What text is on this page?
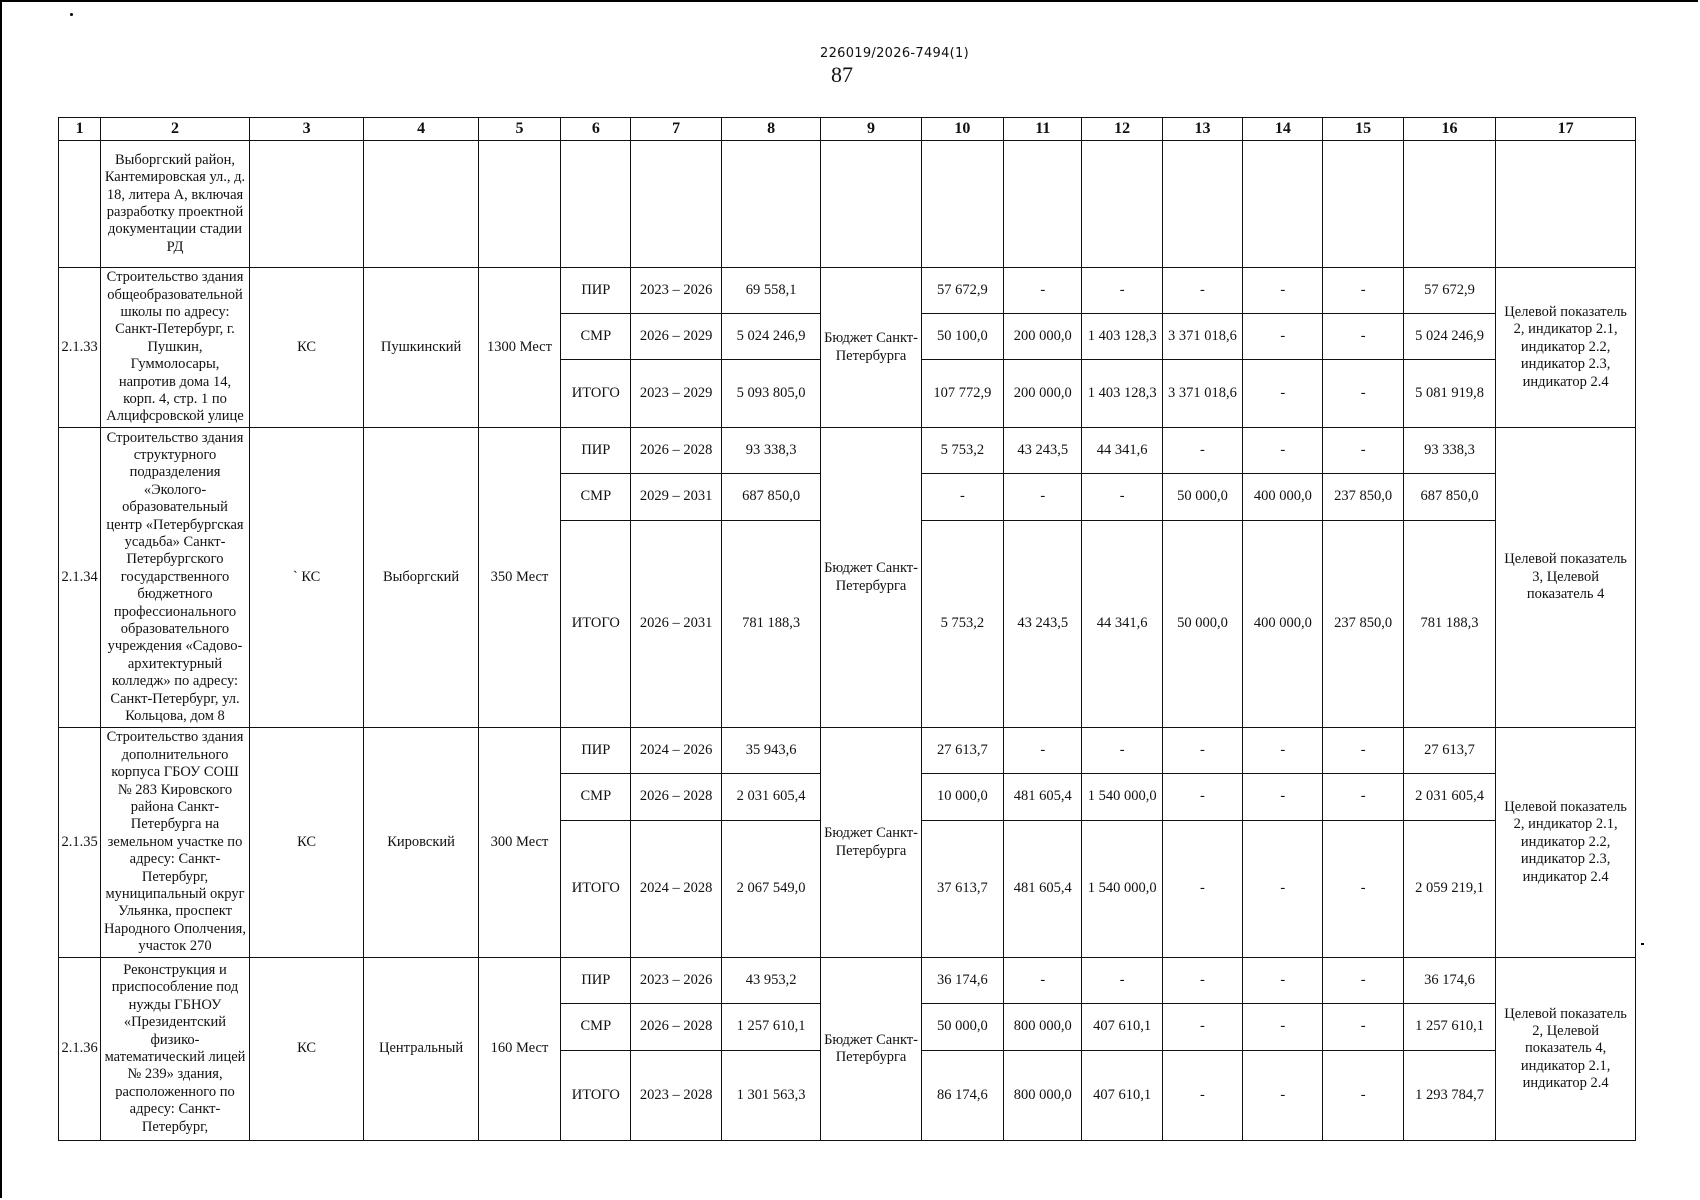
226019/2026-7494(1)
87
1	2	3	4	5	6	7	8	9	10	11	12	13	14	15	16	17
	Выборгский район, Кантемировская ул., д. 18, литера А, включая разработку проектной документации стадии РД															
2.1.33	Строительство здания общеобразовательной школы по адресу: Санкт-Петербург, г. Пушкин, Гуммолосары, напротив дома 14, корп. 4, стр. 1 по Алцифсровской улице	КС	Пушкинский	1300 Мест	ПИР	2023 – 2026	69 558,1	Бюджет Санкт-Петербурга	57 672,9	-	-	-	-	-	57 672,9	Целевой показатель 2, индикатор 2.1, индикатор 2.2, индикатор 2.3, индикатор 2.4
					СМР	2026 – 2029	5 024 246,9		50 100,0	200 000,0	1 403 128,3	3 371 018,6	-	-	5 024 246,9	
					ИТОГО	2023 – 2029	5 093 805,0		107 772,9	200 000,0	1 403 128,3	3 371 018,6	-	-	5 081 919,8	
2.1.34	Строительство здания структурного подразделения «Эколого-образовательный центр «Петербургская усадьба» Санкт-Петербургского государственного бюджетного профессионального образовательного учреждения «Садово-архитектурный колледж» по адресу: Санкт-Петербург, ул. Кольцова, дом 8	` КС	Выборгский	350 Мест	ПИР	2026 – 2028	93 338,3	Бюджет Санкт-Петербурга	5 753,2	43 243,5	44 341,6	-	-	-	93 338,3	Целевой показатель 3, Целевой показатель 4
					СМР	2029 – 2031	687 850,0		-	-	-	50 000,0	400 000,0	237 850,0	687 850,0	
					ИТОГО	2026 – 2031	781 188,3		5 753,2	43 243,5	44 341,6	50 000,0	400 000,0	237 850,0	781 188,3	
2.1.35	Строительство здания дополнительного корпуса ГБОУ СОШ № 283 Кировского района Санкт-Петербурга на земельном участке по адресу: Санкт-Петербург, муниципальный округ Ульянка, проспект Народного Ополчения, участок 270	КС	Кировский	300 Мест	ПИР	2024 – 2026	35 943,6	Бюджет Санкт-Петербурга	27 613,7	-	-	-	-	-	27 613,7	Целевой показатель 2, индикатор 2.1, индикатор 2.2, индикатор 2.3, индикатор 2.4
					СМР	2026 – 2028	2 031 605,4		10 000,0	481 605,4	1 540 000,0	-	-	-	2 031 605,4	
					ИТОГО	2024 – 2028	2 067 549,0		37 613,7	481 605,4	1 540 000,0	-	-	-	2 059 219,1	
2.1.36	Реконструкция и приспособление под нужды ГБНОУ «Президентский физико-математический лицей № 239» здания, расположенного по адресу: Санкт-Петербург,	КС	Центральный	160 Мест	ПИР	2023 – 2026	43 953,2	Бюджет Санкт-Петербурга	36 174,6	-	-	-	-	-	36 174,6	Целевой показатель 2, Целевой показатель 4, индикатор 2.1, индикатор 2.4
					СМР	2026 – 2028	1 257 610,1		50 000,0	800 000,0	407 610,1	-	-	-	1 257 610,1	
					ИТОГО	2023 – 2028	1 301 563,3		86 174,6	800 000,0	407 610,1	-	-	-	1 293 784,7	
